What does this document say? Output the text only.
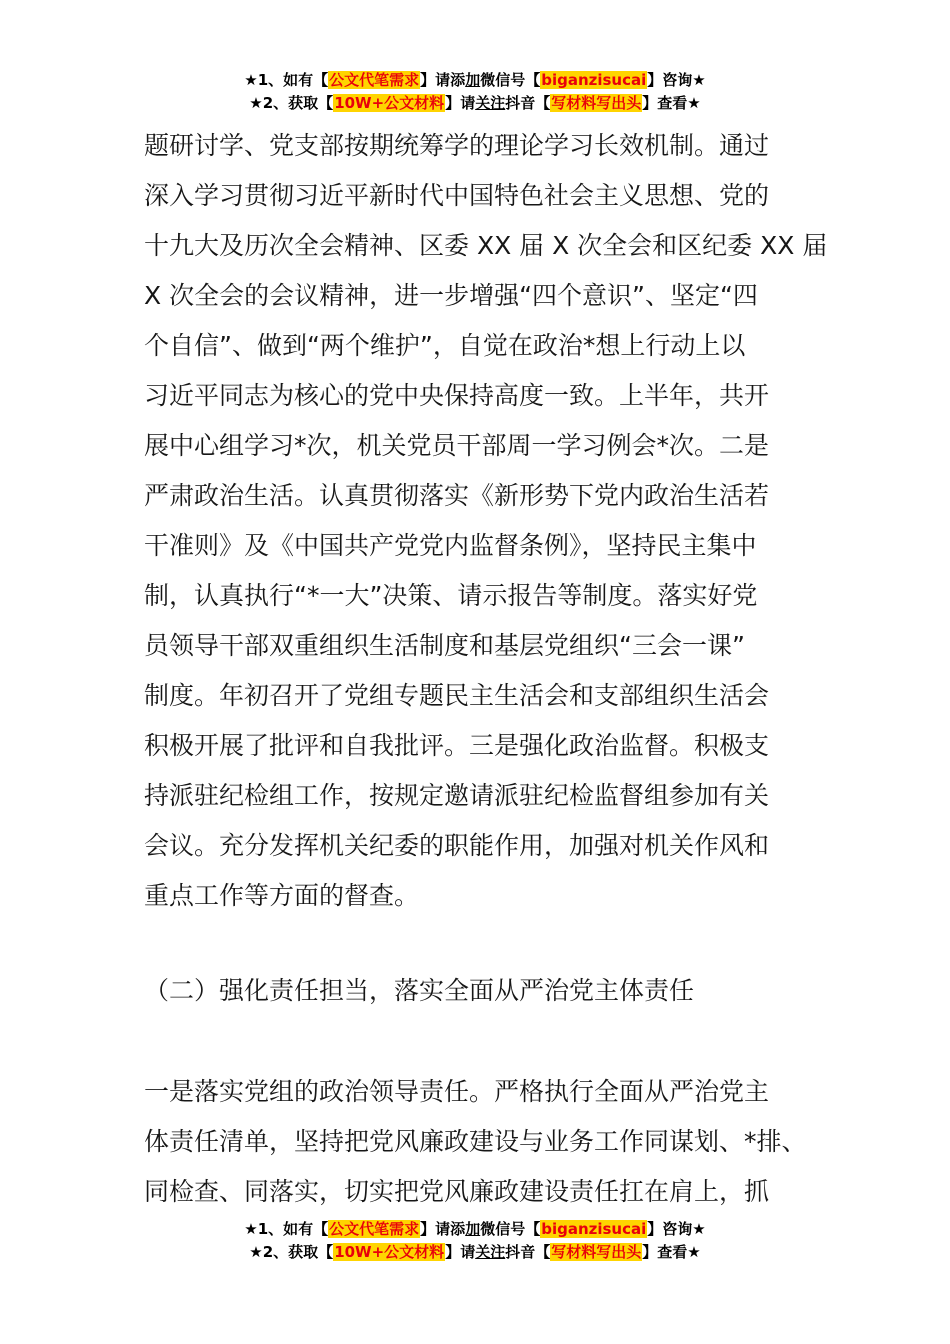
★1、如有【公文代笔需求】请添加微信号【biganzisucai】咨询★
★2、获取【10W+公文材料】请关注抖音【写材料写出头】查看★
题研讨学、党支部按期统筹学的理论学习长效机制。通过
深入学习贯彻习近平新时代中国特色社会主义思想、党的
十九大及历次全会精神、区委 XX 届 X 次全会和区纪委 XX 届
X 次全会的会议精神，进一步增强“四个意识”、坚定“四
个自信”、做到“两个维护”，自觉在政治*想上行动上以
习近平同志为核心的党中央保持高度一致。上半年，共开
展中心组学习*次，机关党员干部周一学习例会*次。二是
严肃政治生活。认真贯彻落实《新形势下党内政治生活若
干准则》及《中国共产党党内监督条例》，坚持民主集中
制，认真执行“*一大”决策、请示报告等制度。落实好党
员领导干部双重组织生活制度和基层党组织“三会一课”
制度。年初召开了党组专题民主生活会和支部组织生活会
积极开展了批评和自我批评。三是强化政治监督。积极支
持派驻纪检组工作，按规定邀请派驻纪检监督组参加有关
会议。充分发挥机关纪委的职能作用，加强对机关作风和
重点工作等方面的督查。
（二）强化责任担当，落实全面从严治党主体责任
一是落实党组的政治领导责任。严格执行全面从严治党主
体责任清单，坚持把党风廉政建设与业务工作同谋划、*排、
同检查、同落实，切实把党风廉政建设责任扛在肩上，抓
★1、如有【公文代笔需求】请添加微信号【biganzisucai】咨询★
★2、获取【10W+公文材料】请关注抖音【写材料写出头】查看★
